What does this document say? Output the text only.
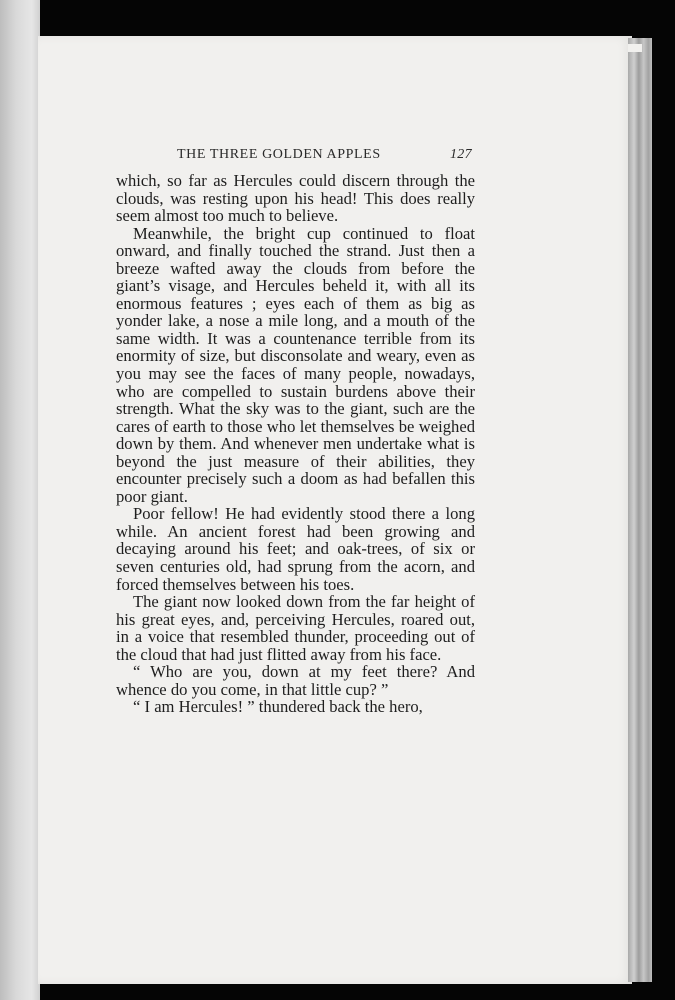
THE THREE GOLDEN APPLES	127

which, so far as Hercules could discern through the clouds, was resting upon his head! This does really seem almost too much to believe.

Meanwhile, the bright cup continued to float onward, and finally touched the strand. Just then a breeze wafted away the clouds from before the giant’s visage, and Hercules beheld it, with all its enormous features ; eyes each of them as big as yonder lake, a nose a mile long, and a mouth of the same width. It was a countenance terrible from its enormity of size, but disconsolate and weary, even as you may see the faces of many people, nowadays, who are compelled to sustain burdens above their strength. What the sky was to the giant, such are the cares of earth to those who let themselves be weighed down by them. And whenever men undertake what is beyond the just measure of their abilities, they encounter precisely such a doom as had befallen this poor giant.

Poor fellow! He had evidently stood there a long while. An ancient forest had been growing and decaying around his feet; and oak-trees, of six or seven centuries old, had sprung from the acorn, and forced themselves between his toes.

The giant now looked down from the far height of his great eyes, and, perceiving Hercules, roared out, in a voice that resembled thunder, proceeding out of the cloud that had just flitted away from his face.

“ Who are you, down at my feet there? And whence do you come, in that little cup? ”

“ I am Hercules! ” thundered back the hero,
